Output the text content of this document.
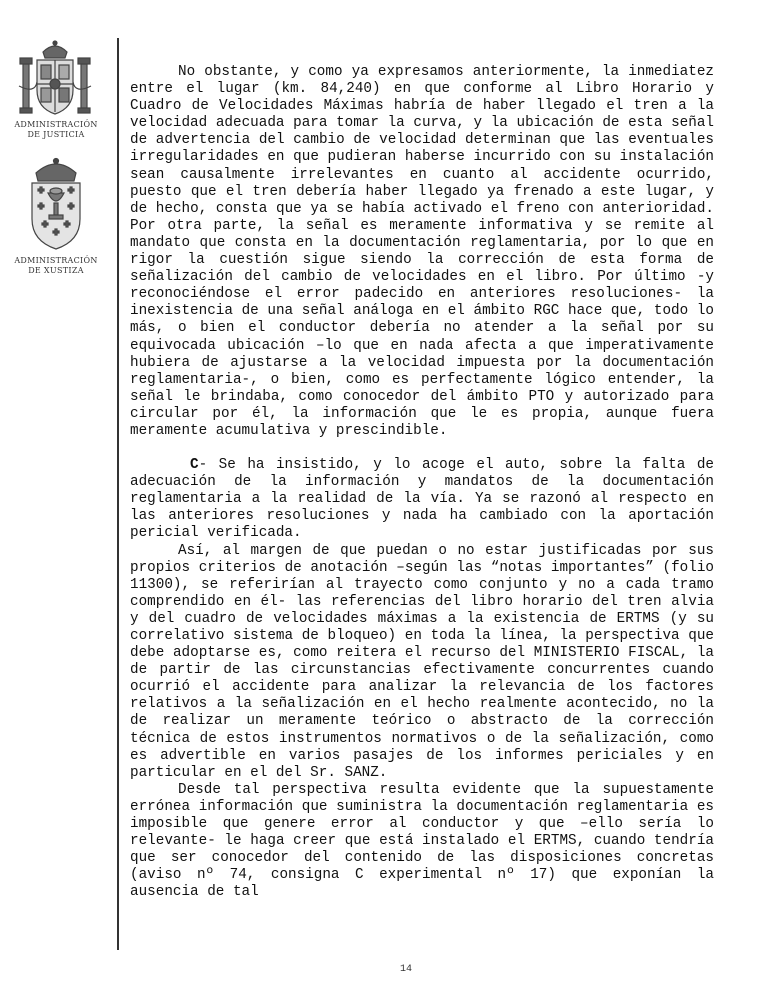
ADMINISTRACIÓN
DE JUSTICIA
ADMINISTRACIÓN
DE XUSTIZA

No obstante, y como ya expresamos anteriormente, la inmediatez entre el lugar (km. 84,240) en que conforme al Libro Horario y Cuadro de Velocidades Máximas habría de haber llegado el tren a la velocidad adecuada para tomar la curva, y la ubicación de esta señal de advertencia del cambio de velocidad determinan que las eventuales irregularidades en que pudieran haberse incurrido con su instalación sean causalmente irrelevantes en cuanto al accidente ocurrido, puesto que el tren debería haber llegado ya frenado a este lugar, y de hecho, consta que ya se había activado el freno con anterioridad. Por otra parte, la señal es meramente informativa y se remite al mandato que consta en la documentación reglamentaria, por lo que en rigor la cuestión sigue siendo la corrección de esta forma de señalización del cambio de velocidades en el libro. Por último -y reconociéndose el error padecido en anteriores resoluciones- la inexistencia de una señal análoga en el ámbito RGC hace que, todo lo más, o bien el conductor debería no atender a la señal por su equivocada ubicación –lo que en nada afecta a que imperativamente hubiera de ajustarse a la velocidad impuesta por la documentación reglamentaria-, o bien, como es perfectamente lógico entender, la señal le brindaba, como conocedor del ámbito PTO y autorizado para circular por él, la información que le es propia, aunque fuera meramente acumulativa y prescindible.

C- Se ha insistido, y lo acoge el auto, sobre la falta de adecuación de la información y mandatos de la documentación reglamentaria a la realidad de la vía. Ya se razonó al respecto en las anteriores resoluciones y nada ha cambiado con la aportación pericial verificada.

Así, al margen de que puedan o no estar justificadas por sus propios criterios de anotación –según las “notas importantes” (folio 11300), se referirían al trayecto como conjunto y no a cada tramo comprendido en él- las referencias del libro horario del tren alvia y del cuadro de velocidades máximas a la existencia de ERTMS (y su correlativo sistema de bloqueo) en toda la línea, la perspectiva que debe adoptarse es, como reitera el recurso del MINISTERIO FISCAL, la de partir de las circunstancias efectivamente concurrentes cuando ocurrió el accidente para analizar la relevancia de los factores relativos a la señalización en el hecho realmente acontecido, no la de realizar un meramente teórico o abstracto de la corrección técnica de estos instrumentos normativos o de la señalización, como es advertible en varios pasajes de los informes periciales y en particular en el del Sr. SANZ.

Desde tal perspectiva resulta evidente que la supuestamente errónea información que suministra la documentación reglamentaria es imposible que genere error al conductor y que –ello sería lo relevante- le haga creer que está instalado el ERTMS, cuando tendría que ser conocedor del contenido de las disposiciones concretas (aviso nº 74, consigna C experimental nº 17) que exponían la ausencia de tal

14
